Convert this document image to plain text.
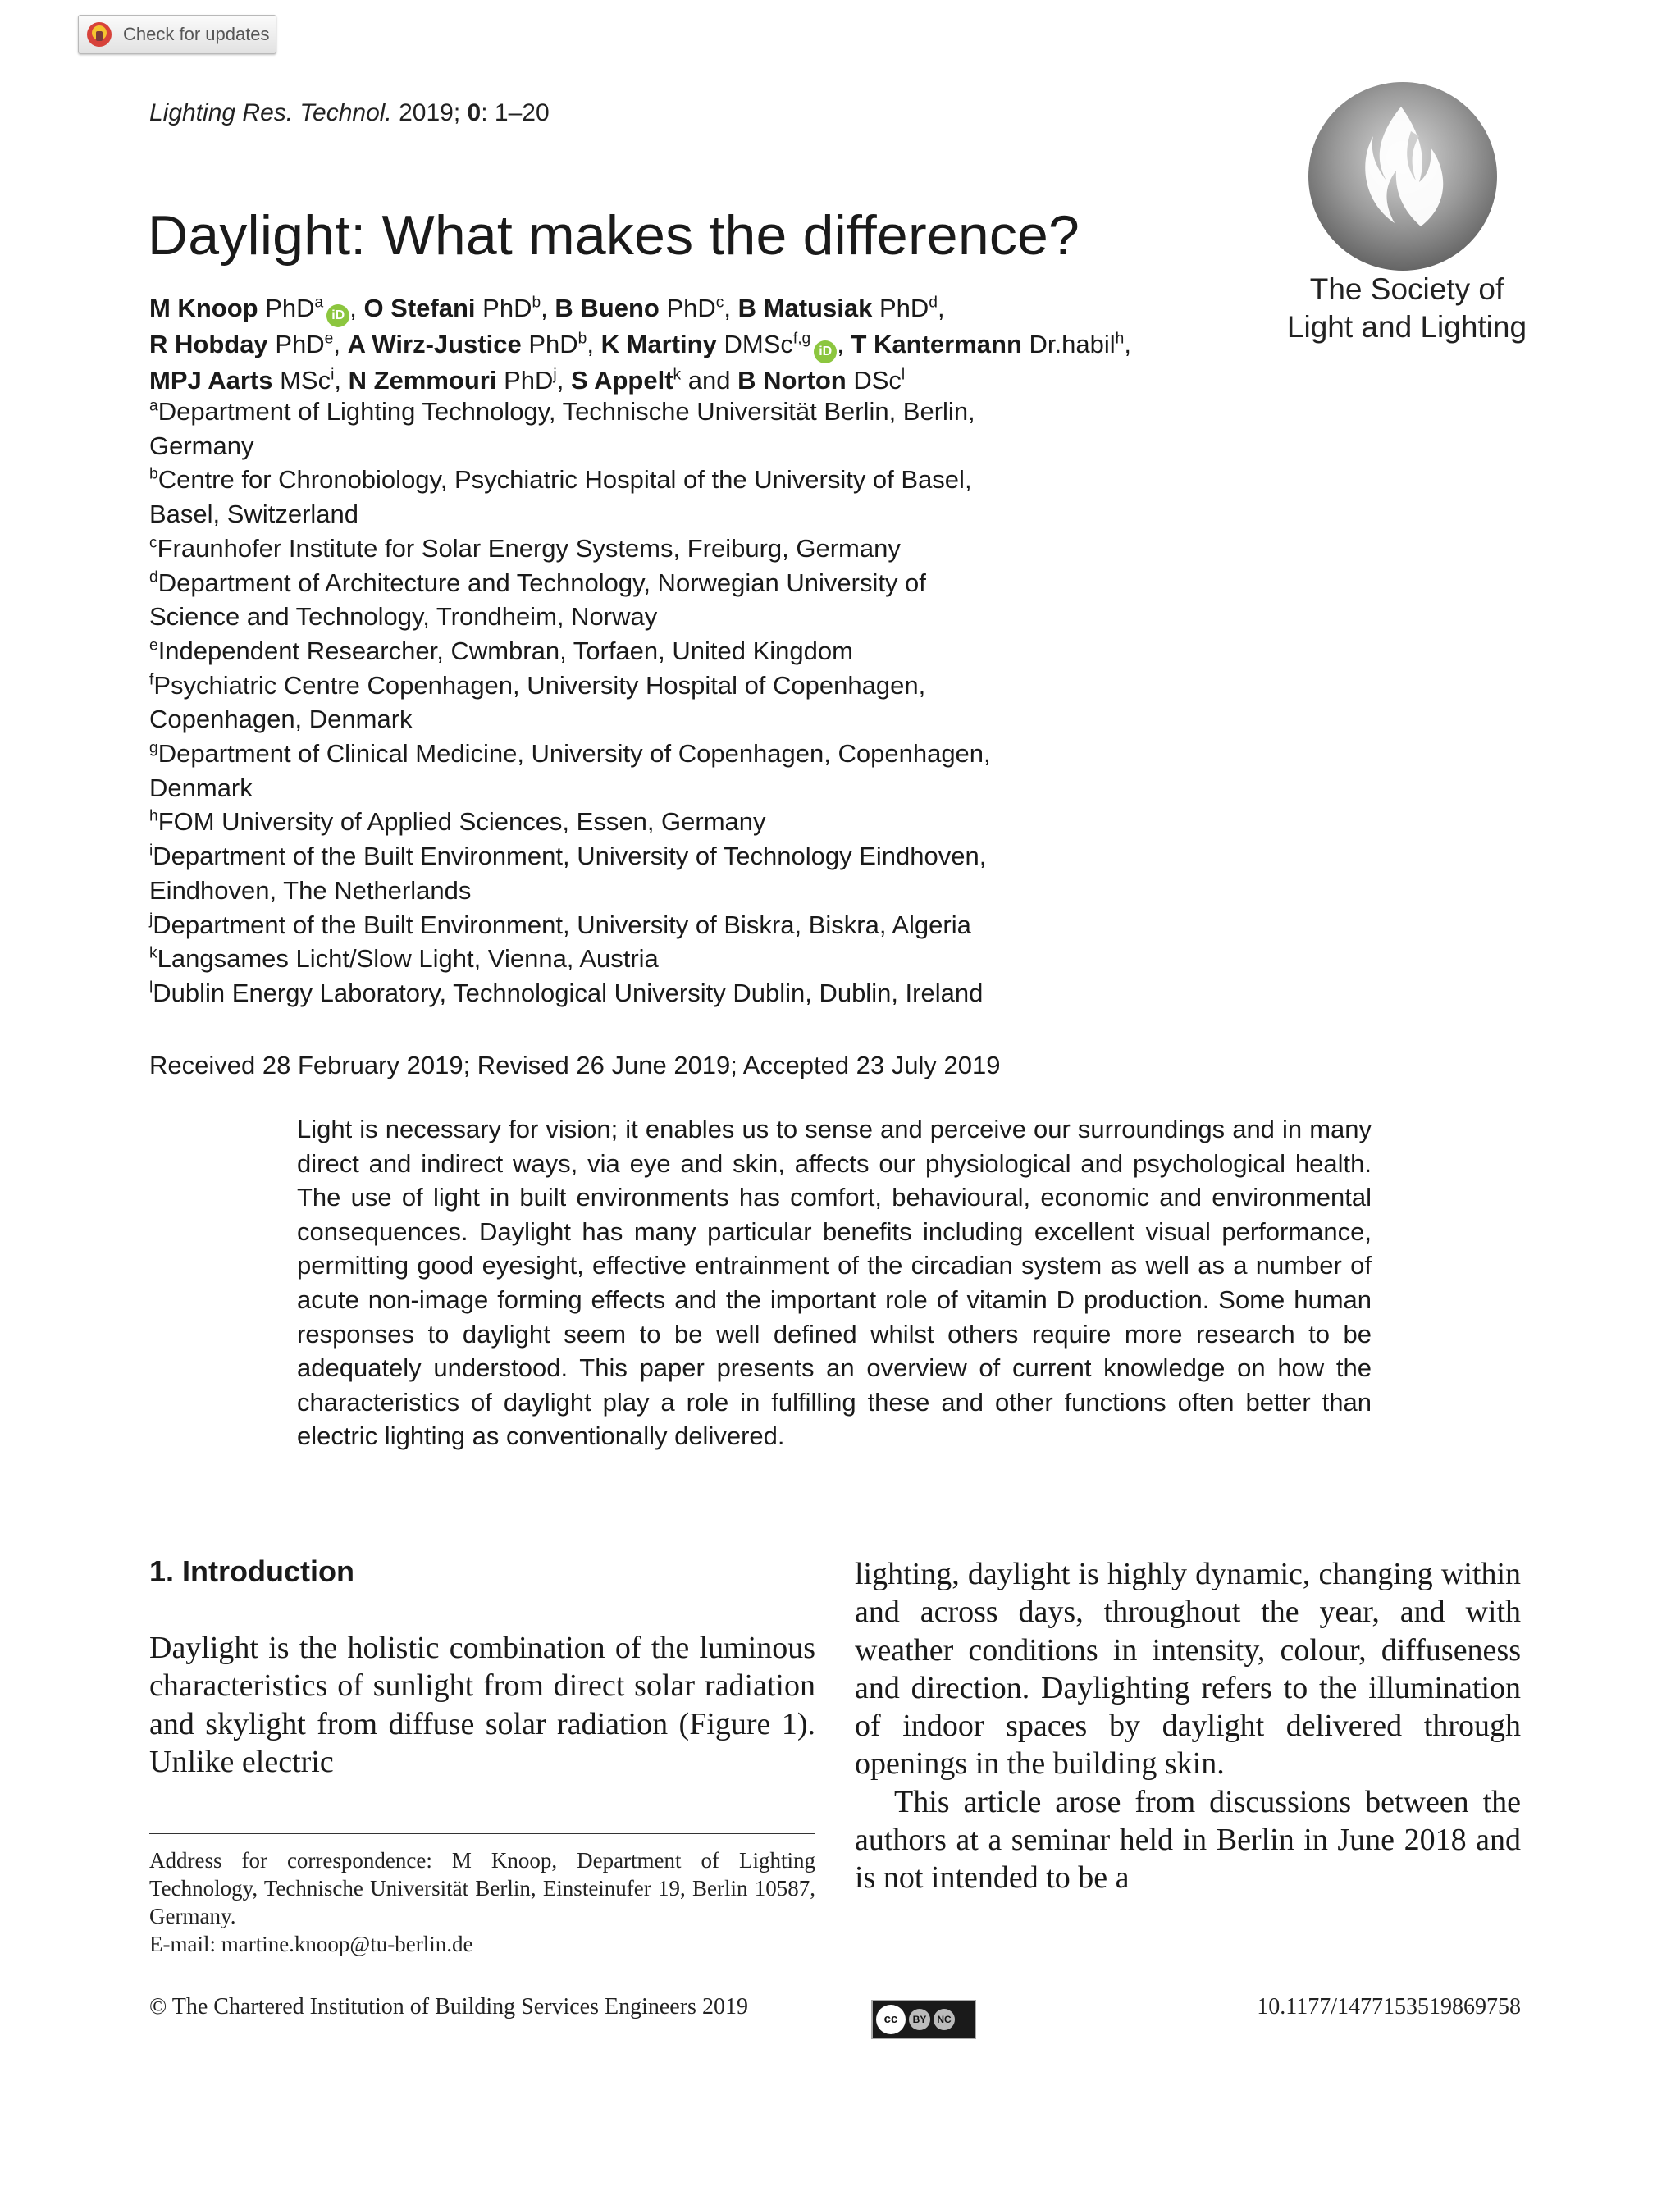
Check for updates
Lighting Res. Technol. 2019; 0: 1–20
The Society of
Light and Lighting
Daylight: What makes the difference?
M Knoop PhD$^a$iD , O Stefani PhD$^b$, B Bueno PhD$^c$, B Matusiak PhD$^d$,
R Hobday PhD$^e$, A Wirz-Justice PhD$^b$, K Martiny DMSc$^{f,g}$iD , T Kantermann Dr.habil$^h$,
MPJ Aarts MSc$^i$, N Zemmouri PhD$^j$, S Appelt$^k$ and B Norton DSc$^l$
$^a$Department of Lighting Technology, Technische Universität Berlin, Berlin,
Germany
$^b$Centre for Chronobiology, Psychiatric Hospital of the University of Basel,
Basel, Switzerland
$^c$Fraunhofer Institute for Solar Energy Systems, Freiburg, Germany
$^d$Department of Architecture and Technology, Norwegian University of
Science and Technology, Trondheim, Norway
$^e$Independent Researcher, Cwmbran, Torfaen, United Kingdom
$^f$Psychiatric Centre Copenhagen, University Hospital of Copenhagen,
Copenhagen, Denmark
$^g$Department of Clinical Medicine, University of Copenhagen, Copenhagen,
Denmark
$^h$FOM University of Applied Sciences, Essen, Germany
$^i$Department of the Built Environment, University of Technology Eindhoven,
Eindhoven, The Netherlands
$^j$Department of the Built Environment, University of Biskra, Biskra, Algeria
$^k$Langsames Licht/Slow Light, Vienna, Austria
$^l$Dublin Energy Laboratory, Technological University Dublin, Dublin, Ireland
Received 28 February 2019; Revised 26 June 2019; Accepted 23 July 2019
Light is necessary for vision; it enables us to sense and perceive our surroundings and in many direct and indirect ways, via eye and skin, affects our physiological and psychological health. The use of light in built environments has comfort, behavioural, economic and environmental consequences. Daylight has many particular benefits including excellent visual performance, permitting good eyesight, effective entrainment of the circadian system as well as a number of acute non-image forming effects and the important role of vitamin D production. Some human responses to daylight seem to be well defined whilst others require more research to be adequately understood. This paper presents an overview of current knowledge on how the characteristics of daylight play a role in fulfilling these and other functions often better than electric lighting as conventionally delivered.
1. Introduction
Daylight is the holistic combination of the luminous characteristics of sunlight from direct solar radiation and skylight from diffuse solar radiation (Figure 1). Unlike electric

lighting, daylight is highly dynamic, changing within and across days, throughout the year, and with weather conditions in intensity, colour, diffuseness and direction. Daylighting refers to the illumination of indoor spaces by daylight delivered through openings in the building skin.

This article arose from discussions between the authors at a seminar held in Berlin in June 2018 and is not intended to be a

Address for correspondence: M Knoop, Department of Lighting Technology, Technische Universität Berlin, Einsteinufer 19, Berlin 10587, Germany.
E-mail: martine.knoop@tu-berlin.de
© The Chartered Institution of Building Services Engineers 2019	cc	BY	NC	10.1177/1477153519869758
